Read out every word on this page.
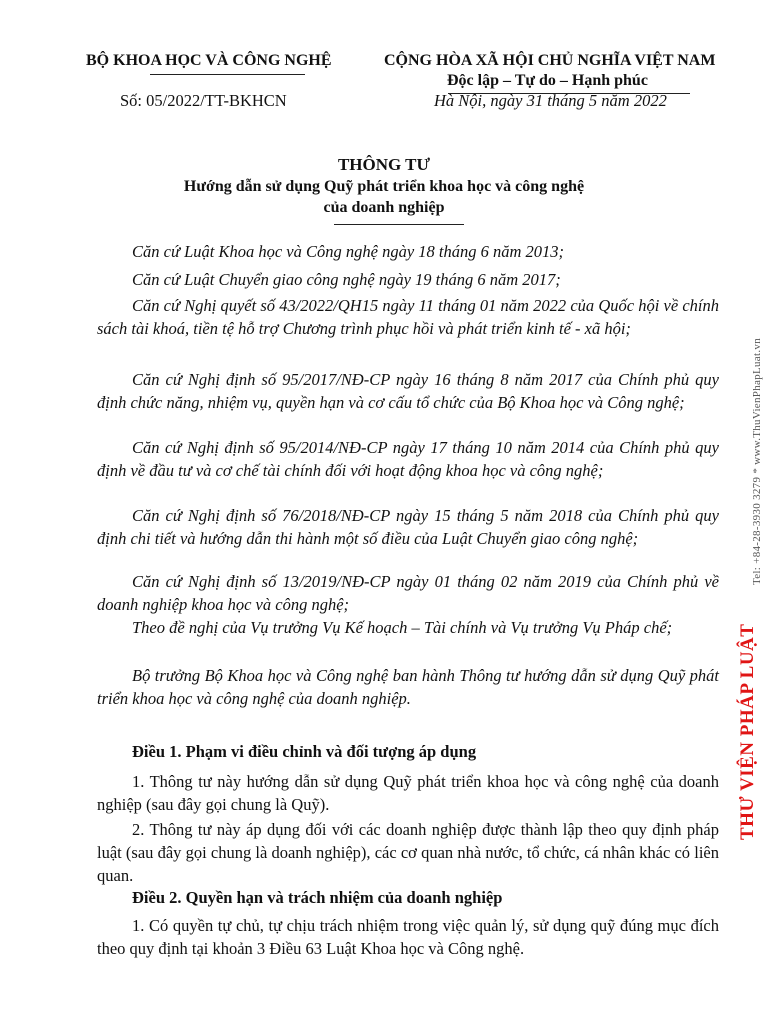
BỘ KHOA HỌC VÀ CÔNG NGHỆ
Số: 05/2022/TT-BKHCN
CỘNG HÒA XÃ HỘI CHỦ NGHĨA VIỆT NAM
Độc lập – Tự do – Hạnh phúc
Hà Nội, ngày 31 tháng 5 năm 2022
THÔNG TƯ
Hướng dẫn sử dụng Quỹ phát triển khoa học và công nghệ
của doanh nghiệp
Căn cứ Luật Khoa học và Công nghệ ngày 18 tháng 6 năm 2013;
Căn cứ Luật Chuyển giao công nghệ ngày 19 tháng 6 năm 2017;
Căn cứ Nghị quyết số 43/2022/QH15 ngày 11 tháng 01 năm 2022 của Quốc hội về chính sách tài khoá, tiền tệ hỗ trợ Chương trình phục hồi và phát triển kinh tế - xã hội;
Căn cứ Nghị định số 95/2017/NĐ-CP ngày 16 tháng 8 năm 2017 của Chính phủ quy định chức năng, nhiệm vụ, quyền hạn và cơ cấu tổ chức của Bộ Khoa học và Công nghệ;
Căn cứ Nghị định số 95/2014/NĐ-CP ngày 17 tháng 10 năm 2014 của Chính phủ quy định về đầu tư và cơ chế tài chính đối với hoạt động khoa học và công nghệ;
Căn cứ Nghị định số 76/2018/NĐ-CP ngày 15 tháng 5 năm 2018 của Chính phủ quy định chi tiết và hướng dẫn thi hành một số điều của Luật Chuyển giao công nghệ;
Căn cứ Nghị định số 13/2019/NĐ-CP ngày 01 tháng 02 năm 2019 của Chính phủ về doanh nghiệp khoa học và công nghệ;
Theo đề nghị của Vụ trưởng Vụ Kế hoạch – Tài chính và Vụ trưởng Vụ Pháp chế;
Bộ trưởng Bộ Khoa học và Công nghệ ban hành Thông tư hướng dẫn sử dụng Quỹ phát triển khoa học và công nghệ của doanh nghiệp.
Điều 1. Phạm vi điều chỉnh và đối tượng áp dụng
1. Thông tư này hướng dẫn sử dụng Quỹ phát triển khoa học và công nghệ của doanh nghiệp (sau đây gọi chung là Quỹ).
2. Thông tư này áp dụng đối với các doanh nghiệp được thành lập theo quy định pháp luật (sau đây gọi chung là doanh nghiệp), các cơ quan nhà nước, tổ chức, cá nhân khác có liên quan.
Điều 2. Quyền hạn và trách nhiệm của doanh nghiệp
1. Có quyền tự chủ, tự chịu trách nhiệm trong việc quản lý, sử dụng quỹ đúng mục đích theo quy định tại khoản 3 Điều 63 Luật Khoa học và Công nghệ.
THƯ VIỆN PHÁP LUẬT
Tel: +84-28-3930 3279 * www.ThuVienPhapLuat.vn
